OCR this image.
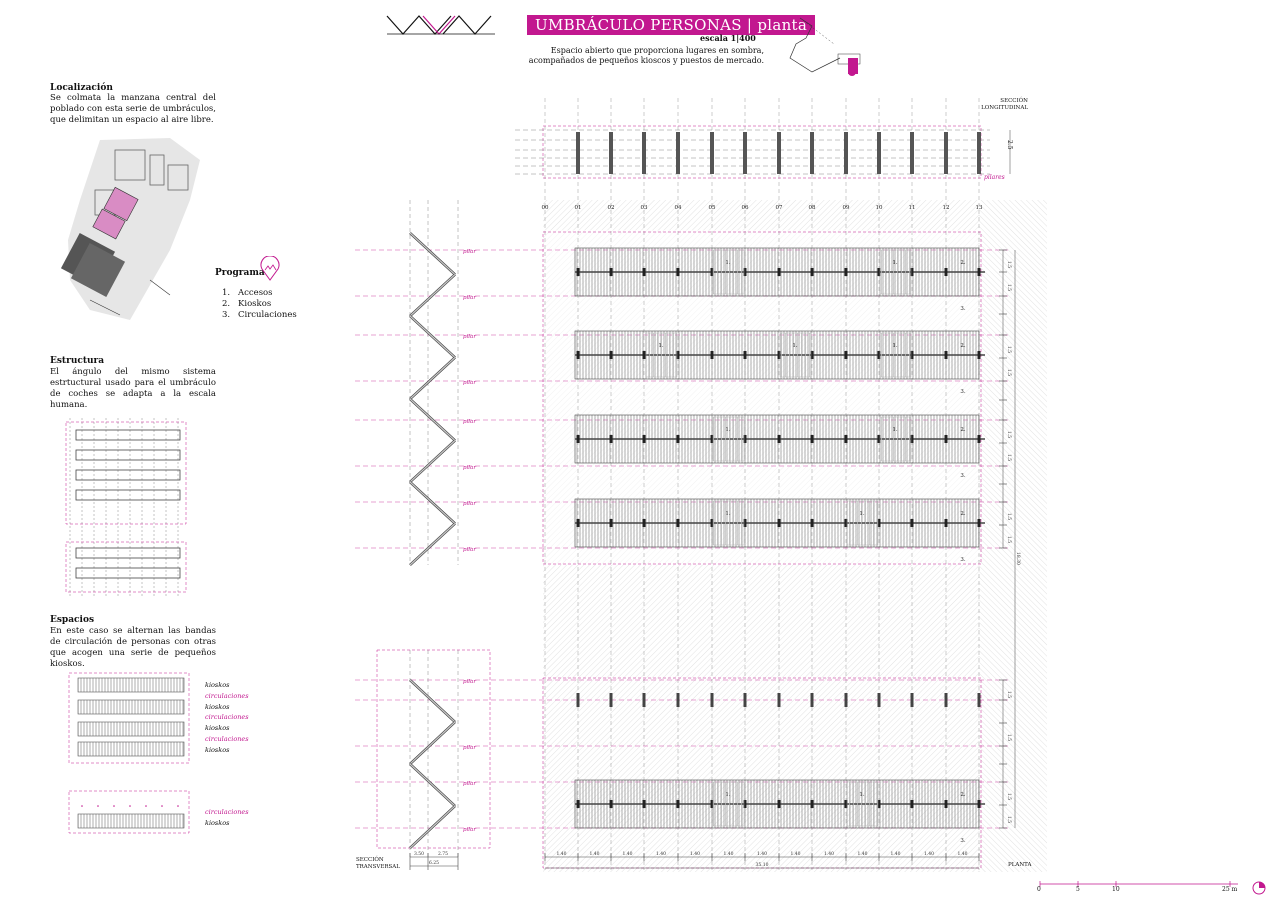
UMBRÁCULO PERSONAS | planta
escala 1|400
Espacio abierto que proporciona lugares en sombra,
acompañados de pequeños kioscos y puestos de mercado.
Localización
Se colmata la manzana central del poblado con esta serie de umbráculos, que delimitan un espacio al aire libre.
Programa
1. Accesos
2. Kioskos
3. Circulaciones
Estructura
El ángulo del mismo sistema estrtuctural usado para el umbráculo de coches se adapta a la escala humana.
Espacios
En este caso se alternan las bandas de circulación de personas con otras que acogen una serie de pequeños kioskos.
kioskos
circulaciones
kioskos
circulaciones
kioskos
circulaciones
kioskos
circulaciones
kioskos
00	01	02	03	04	05	06	07	08	09	10	11	12	13
pilar
pilar
pilar
pilar
pilar
pilar
pilar
pilar
pilar
pilar
pilar
pilar
1.	1.	2.
3.
1.	1.	1.	2.
3.
1.	1.	2.
3.
1.	1.	2.
3.
1.	1.	2.
3.
1.5
1.5
1.5
1.5
1.5
1.5
1.5
1.5
1.5
1.5
1.5
1.5
18.30
1.40	1.40	1.40	1.40	1.40	1.40	1.40	1.40	1.40	1.40	1.40	1.40	1.40
35.10
3.50	2.75
6.25
SECCIÓN LONGITUDINAL
SECCIÓN TRANSVERSAL	PLANTA
pilares
2.5
0	5	10	25 m
